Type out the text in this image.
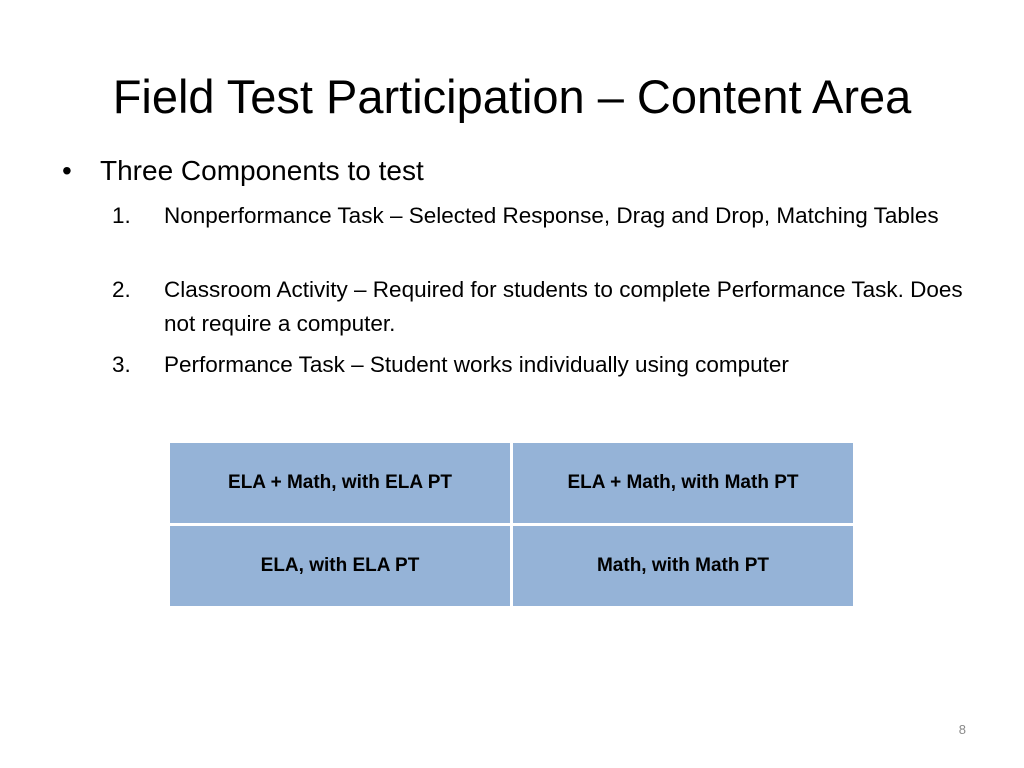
Field Test Participation – Content Area
• Three Components to test
1. Nonperformance Task – Selected Response, Drag and Drop, Matching Tables
2. Classroom Activity – Required for students to complete Performance Task. Does not require a computer.
3. Performance Task – Student works individually using computer
ELA + Math, with ELA PT	ELA + Math, with Math PT
ELA, with ELA PT	Math, with Math PT
8
